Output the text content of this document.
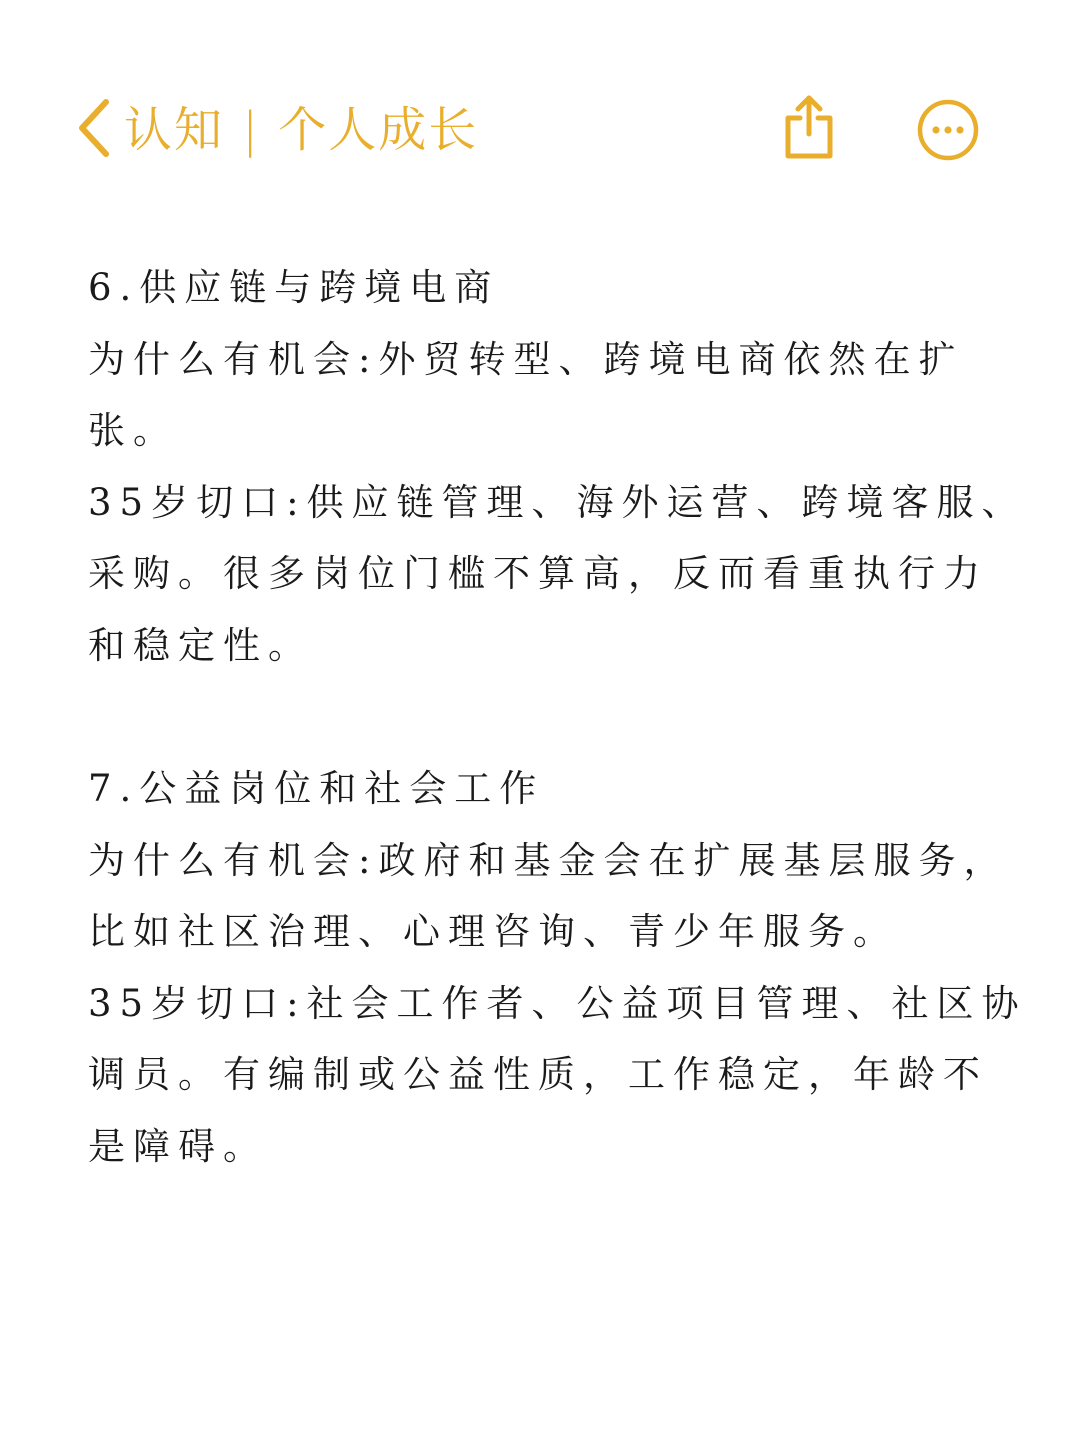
认知 | 个人成长

6.供应链与跨境电商

为什么有机会:外贸转型、跨境电商依然在扩

张。

35岁切口:供应链管理、海外运营、跨境客服、

采购。很多岗位门槛不算高，反而看重执行力

和稳定性。

7.公益岗位和社会工作

为什么有机会:政府和基金会在扩展基层服务，

比如社区治理、心理咨询、青少年服务。

35岁切口:社会工作者、公益项目管理、社区协

调员。有编制或公益性质，工作稳定，年龄不

是障碍。
